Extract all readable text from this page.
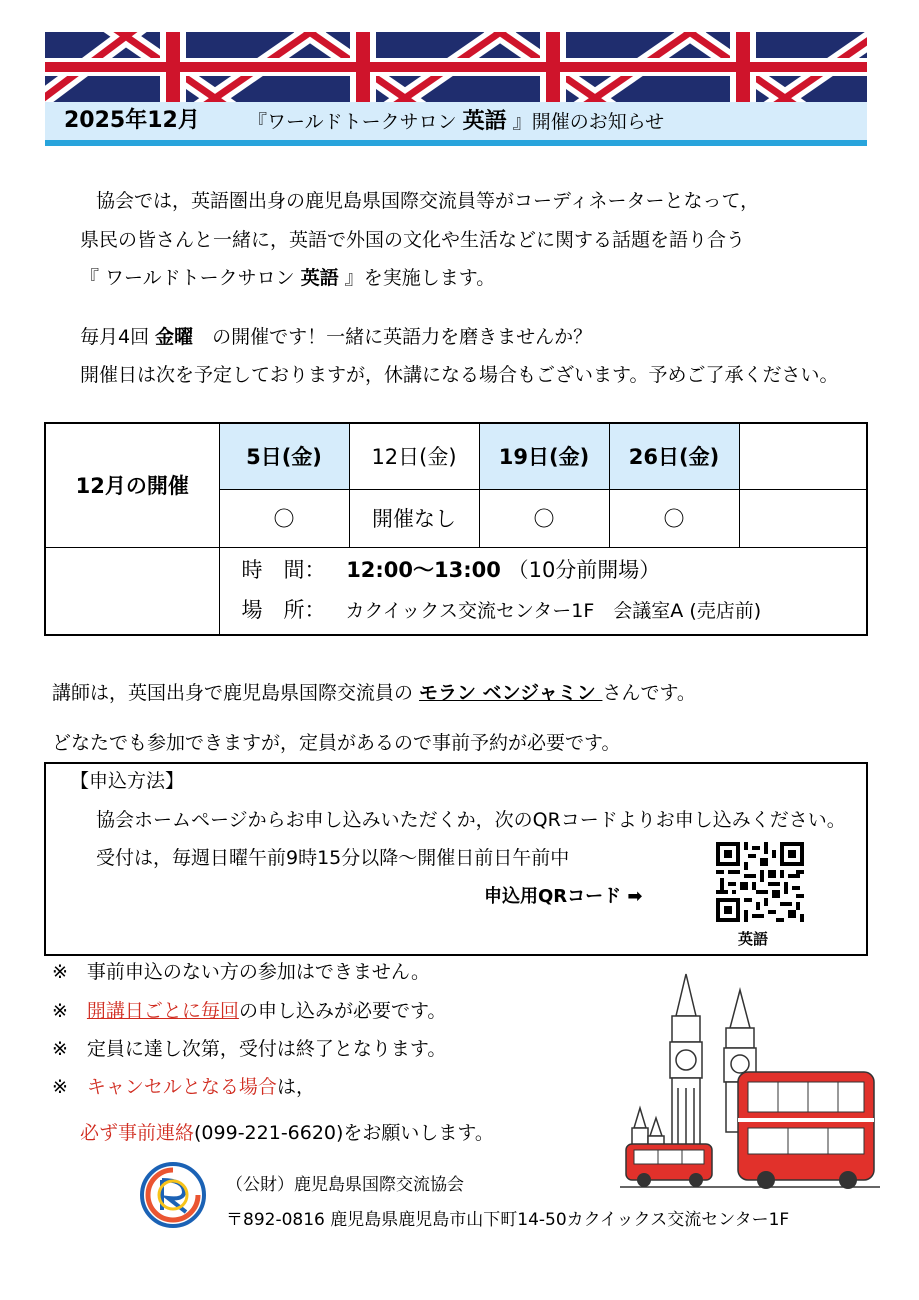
2025年12月	『ワールドトークサロン 英語 』開催のお知らせ
協会では，英語圏出身の鹿児島県国際交流員等がコーディネーターとなって，
県民の皆さんと一緒に，英語で外国の文化や生活などに関する話題を語り合う
『 ワールドトークサロン 英語 』を実施します。
毎月4回 金曜　の開催です！一緒に英語力を磨きませんか？
開催日は次を予定しておりますが，休講になる場合もございます。予めご了承ください。
12月の開催	5日(金)	12日(金)	19日(金)	26日(金)	
	〇	開催なし	〇	〇	

	時　間： 12:00～13:00 （10分前開場）
場　所： カクイックス交流センター1F　会議室A (売店前)				
講師は，英国出身で鹿児島県国際交流員の モラン ベンジャミン さんです。
どなたでも参加できますが，定員があるので事前予約が必要です。
【申込方法】
協会ホームページからお申し込みいただくか，次のQRコードよりお申し込みください。
受付は，毎週日曜午前9時15分以降～開催日前日午前中
申込用QRコード ➡
英語
※　事前申込のない方の参加はできません。
※　開講日ごとに毎回の申し込みが必要です。
※　定員に達し次第，受付は終了となります。
※　キャンセルとなる場合は，
必ず事前連絡(099-221-6620)をお願いします。
（公財）鹿児島県国際交流協会
〒892-0816 鹿児島県鹿児島市山下町14-50カクイックス交流センター1F
